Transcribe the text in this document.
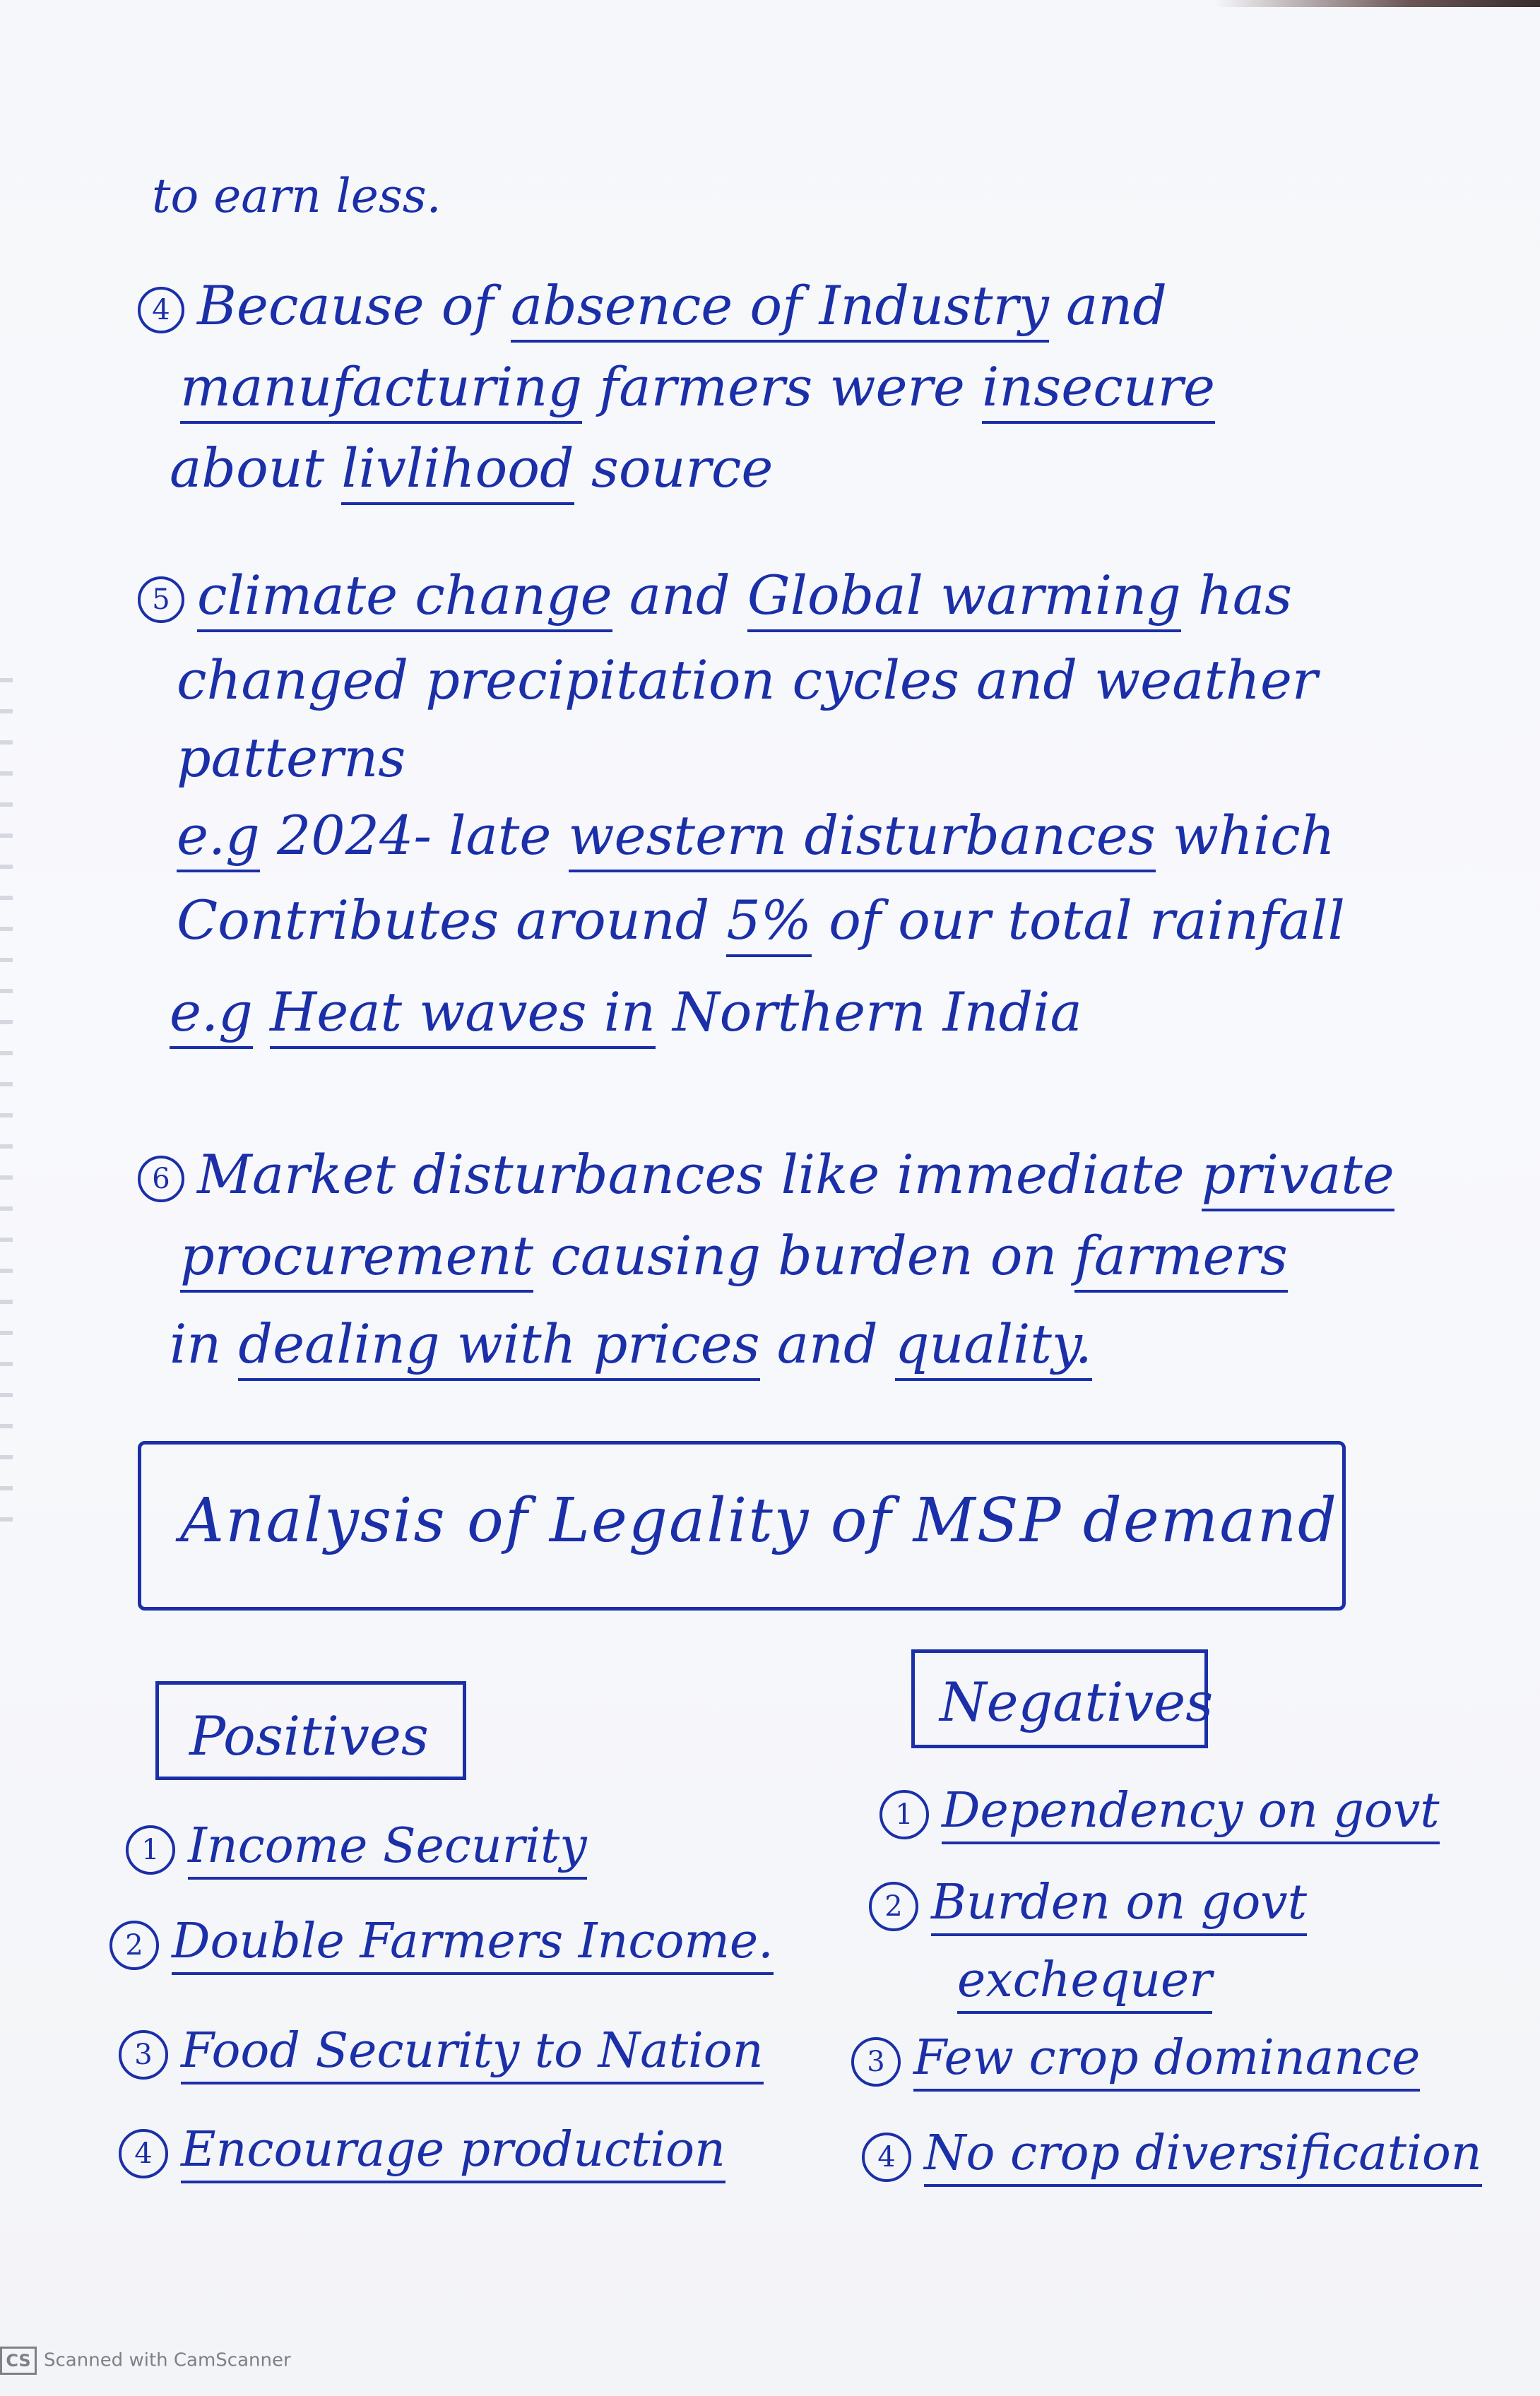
to earn less.
4 Because of absence of Industry and
manufacturing farmers were insecure
about livlihood source
5 climate change and Global warming has
changed precipitation cycles and weather
patterns
e.g 2024- late western disturbances which
Contributes around 5% of our total rainfall
e.g Heat waves in Northern India
6 Market disturbances like immediate private
procurement causing burden on farmers
in dealing with prices and quality.
Analysis of Legality of MSP demand
Positives
Negatives
1 Income Security
2 Double Farmers Income.
3 Food Security to Nation
4 Encourage production
1 Dependency on govt
2 Burden on govt
exchequer
3 Few crop dominance
4 No crop diversification
CS Scanned with CamScanner
